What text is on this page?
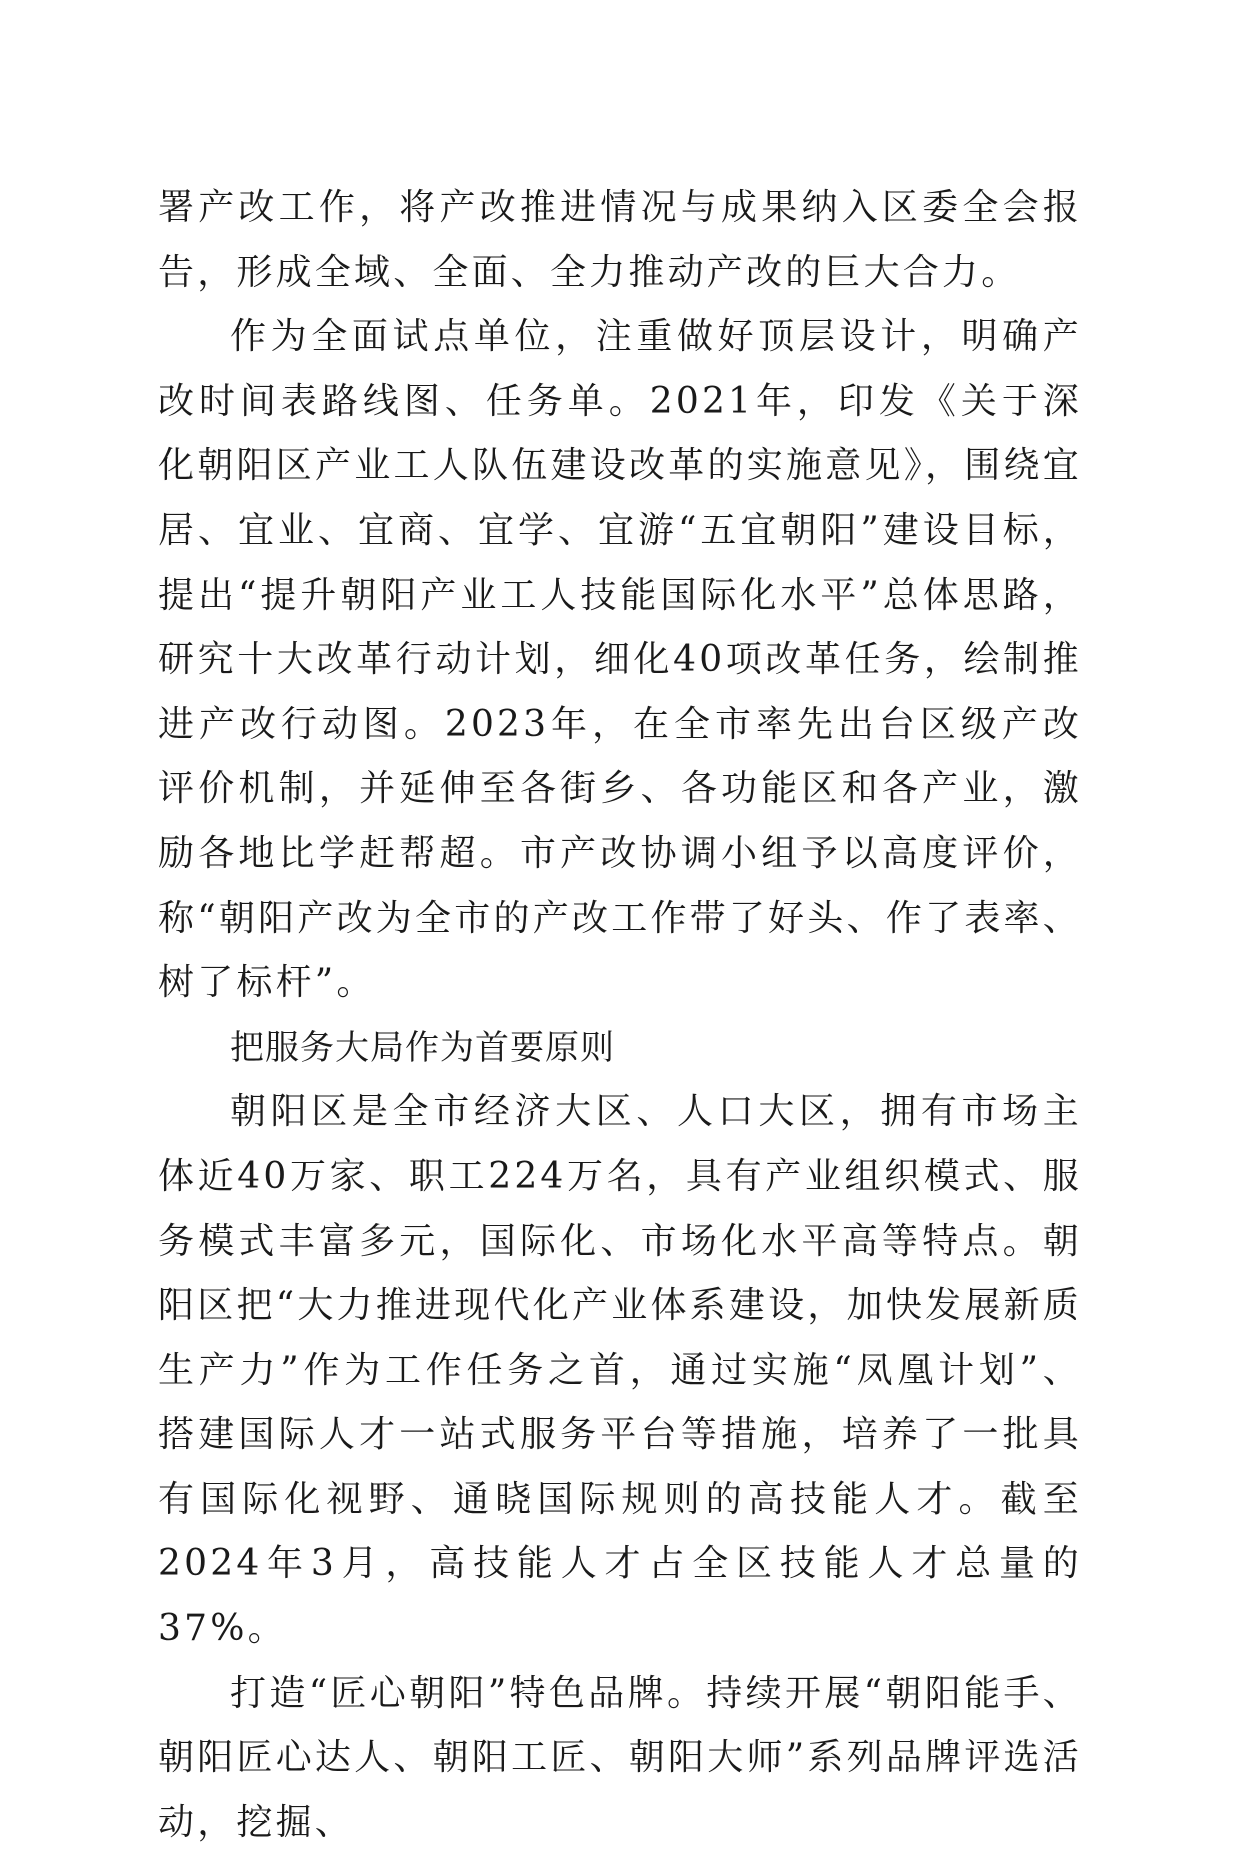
署产改工作，将产改推进情况与成果纳入区委全会报告，形成全域、全面、全力推动产改的巨大合力。

作为全面试点单位，注重做好顶层设计，明确产改时间表路线图、任务单。2021年，印发《关于深化朝阳区产业工人队伍建设改革的实施意见》，围绕宜居、宜业、宜商、宜学、宜游“五宜朝阳”建设目标，提出“提升朝阳产业工人技能国际化水平”总体思路，研究十大改革行动计划，细化40项改革任务，绘制推进产改行动图。2023年，在全市率先出台区级产改评价机制，并延伸至各街乡、各功能区和各产业，激励各地比学赶帮超。市产改协调小组予以高度评价，称“朝阳产改为全市的产改工作带了好头、作了表率、树了标杆”。

把服务大局作为首要原则

朝阳区是全市经济大区、人口大区，拥有市场主体近40万家、职工224万名，具有产业组织模式、服务模式丰富多元，国际化、市场化水平高等特点。朝阳区把“大力推进现代化产业体系建设，加快发展新质生产力”作为工作任务之首，通过实施“凤凰计划”、搭建国际人才一站式服务平台等措施，培养了一批具有国际化视野、通晓国际规则的高技能人才。截至2024年3月，高技能人才占全区技能人才总量的37%。

打造“匠心朝阳”特色品牌。持续开展“朝阳能手、朝阳匠心达人、朝阳工匠、朝阳大师”系列品牌评选活动，挖掘、
